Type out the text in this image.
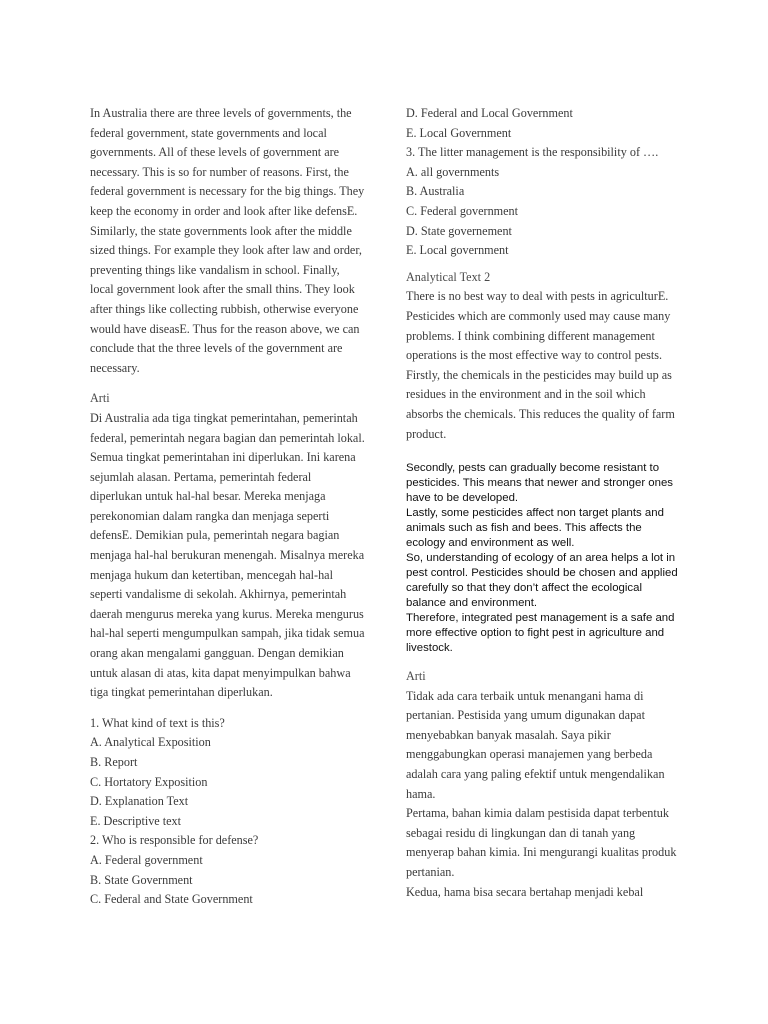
In Australia there are three levels of governments, the federal government, state governments and local governments. All of these levels of government are necessary. This is so for number of reasons. First, the federal government is necessary for the big things. They keep the economy in order and look after like defensE. Similarly, the state governments look after the middle sized things. For example they look after law and order, preventing things like vandalism in school. Finally, local government look after the small thins. They look after things like collecting rubbish, otherwise everyone would have diseasE. Thus for the reason above, we can conclude that the three levels of the government are necessary.

Arti

Di Australia ada tiga tingkat pemerintahan, pemerintah federal, pemerintah negara bagian dan pemerintah lokal. Semua tingkat pemerintahan ini diperlukan. Ini karena sejumlah alasan. Pertama, pemerintah federal diperlukan untuk hal-hal besar. Mereka menjaga perekonomian dalam rangka dan menjaga seperti defensE. Demikian pula, pemerintah negara bagian menjaga hal-hal berukuran menengah. Misalnya mereka menjaga hukum dan ketertiban, mencegah hal-hal seperti vandalisme di sekolah. Akhirnya, pemerintah daerah mengurus mereka yang kurus. Mereka mengurus hal-hal seperti mengumpulkan sampah, jika tidak semua orang akan mengalami gangguan. Dengan demikian untuk alasan di atas, kita dapat menyimpulkan bahwa tiga tingkat pemerintahan diperlukan.

1. What kind of text is this?
A. Analytical Exposition
B. Report
C. Hortatory Exposition
D. Explanation Text
E. Descriptive text
2. Who is responsible for defense?
A. Federal government
B. State Government
C. Federal and State Government
D. Federal and Local Government
E. Local Government
3. The litter management is the responsibility of ….
A. all governments
B. Australia
C. Federal government
D. State governement
E. Local government

Analytical Text 2

There is no best way to deal with pests in agriculturE. Pesticides which are commonly used may cause many problems. I think combining different management operations is the most effective way to control pests.

Firstly, the chemicals in the pesticides may build up as residues in the environment and in the soil which absorbs the chemicals. This reduces the quality of farm product.

Secondly, pests can gradually become resistant to pesticides. This means that newer and stronger ones have to be developed.

Lastly, some pesticides affect non target plants and animals such as fish and bees. This affects the ecology and environment as well.

So, understanding of ecology of an area helps a lot in pest control. Pesticides should be chosen and applied carefully so that they don’t affect the ecological balance and environment.

Therefore, integrated pest management is a safe and more effective option to fight pest in agriculture and livestock.

Arti

Tidak ada cara terbaik untuk menangani hama di pertanian. Pestisida yang umum digunakan dapat menyebabkan banyak masalah. Saya pikir menggabungkan operasi manajemen yang berbeda adalah cara yang paling efektif untuk mengendalikan hama.

Pertama, bahan kimia dalam pestisida dapat terbentuk sebagai residu di lingkungan dan di tanah yang menyerap bahan kimia. Ini mengurangi kualitas produk pertanian.

Kedua, hama bisa secara bertahap menjadi kebal
